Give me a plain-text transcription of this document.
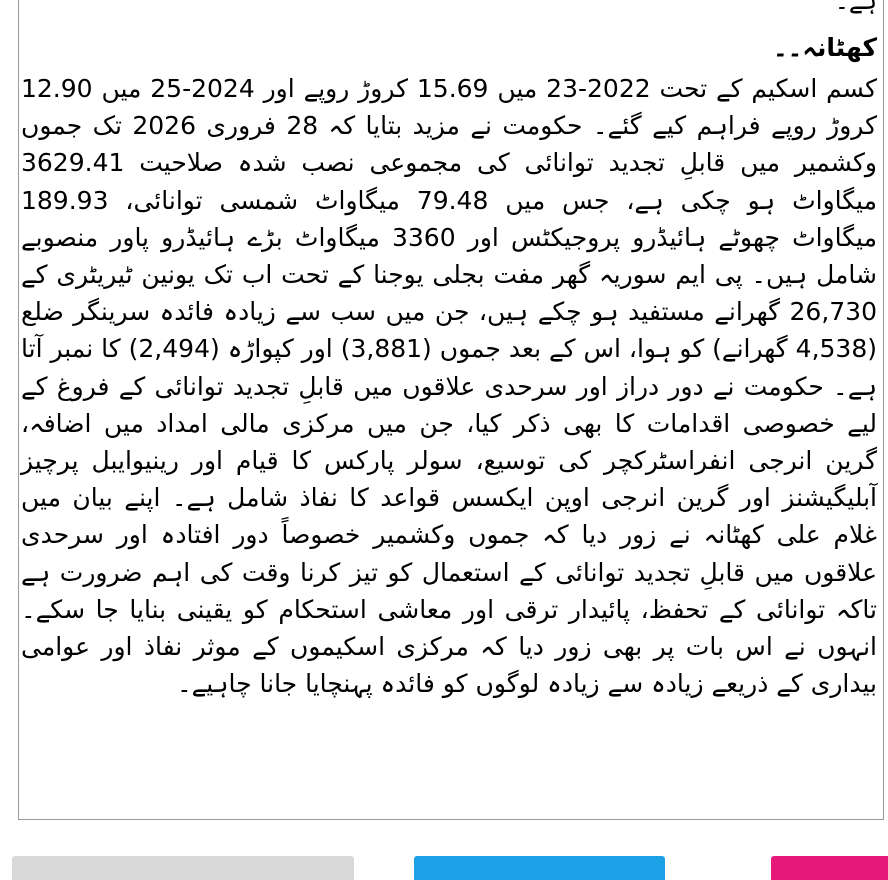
ہے۔
کھٹانہ۔۔
کسم اسکیم کے تحت 2022-23 میں 15.69 کروڑ روپے اور 2024-25 میں 12.90 کروڑ روپے فراہم کیے گئے۔ حکومت نے مزید بتایا کہ 28 فروری 2026 تک جموں وکشمیر میں قابلِ تجدید توانائی کی مجموعی نصب شدہ صلاحیت 3629.41 میگاواٹ ہو چکی ہے، جس میں 79.48 میگاواٹ شمسی توانائی، 189.93 میگاواٹ چھوٹے ہائیڈرو پروجیکٹس اور 3360 میگاواٹ بڑے ہائیڈرو پاور منصوبے شامل ہیں۔ پی ایم سوریہ گھر مفت بجلی یوجنا کے تحت اب تک یونین ٹیریٹری کے 26,730 گھرانے مستفید ہو چکے ہیں، جن میں سب سے زیادہ فائدہ سرینگر ضلع (4,538 گھرانے) کو ہوا، اس کے بعد جموں (3,881) اور کپواڑہ (2,494) کا نمبر آتا ہے۔ حکومت نے دور دراز اور سرحدی علاقوں میں قابلِ تجدید توانائی کے فروغ کے لیے خصوصی اقدامات کا بھی ذکر کیا، جن میں مرکزی مالی امداد میں اضافہ، گرین انرجی انفراسٹرکچر کی توسیع، سولر پارکس کا قیام اور رینیوایبل پرچیز آبلیگیشنز اور گرین انرجی اوپن ایکسس قواعد کا نفاذ شامل ہے۔ اپنے بیان میں غلام علی کھٹانہ نے زور دیا کہ جموں وکشمیر خصوصاً دور افتادہ اور سرحدی علاقوں میں قابلِ تجدید توانائی کے استعمال کو تیز کرنا وقت کی اہم ضرورت ہے تاکہ توانائی کے تحفظ، پائیدار ترقی اور معاشی استحکام کو یقینی بنایا جا سکے۔ انہوں نے اس بات پر بھی زور دیا کہ مرکزی اسکیموں کے موثر نفاذ اور عوامی بیداری کے ذریعے زیادہ سے زیادہ لوگوں کو فائدہ پہنچایا جانا چاہیے۔
